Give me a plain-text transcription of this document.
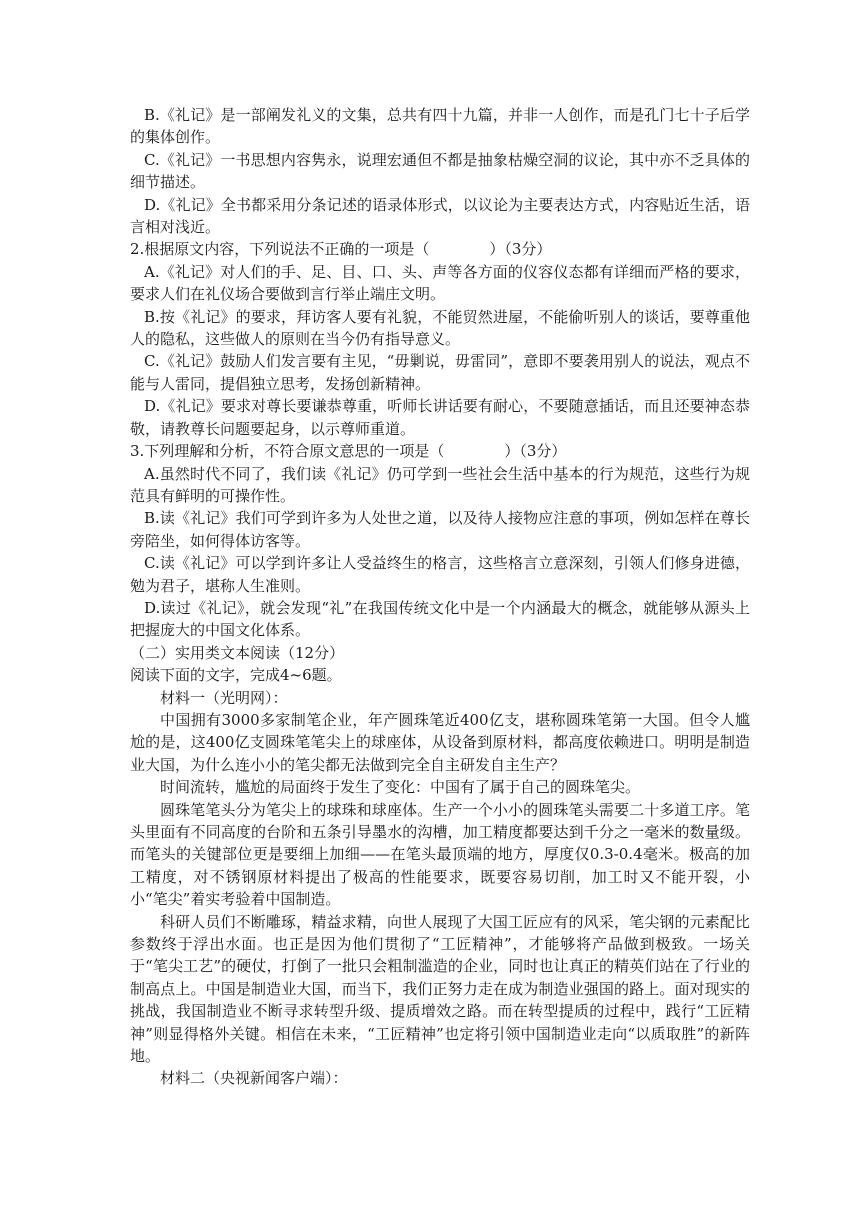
B.《礼记》是一部阐发礼义的文集，总共有四十九篇，并非一人创作，而是孔门七十子后学的集体创作。

C.《礼记》一书思想内容隽永，说理宏通但不都是抽象枯燥空洞的议论，其中亦不乏具体的细节描述。

D.《礼记》全书都采用分条记述的语录体形式，以议论为主要表达方式，内容贴近生活，语言相对浅近。

2.根据原文内容，下列说法不正确的一项是（　　　　）（3分）

A.《礼记》对人们的手、足、目、口、头、声等各方面的仪容仪态都有详细而严格的要求，要求人们在礼仪场合要做到言行举止端庄文明。

B.按《礼记》的要求，拜访客人要有礼貌，不能贸然进屋，不能偷听别人的谈话，要尊重他人的隐私，这些做人的原则在当今仍有指导意义。

C.《礼记》鼓励人们发言要有主见，“毋剿说，毋雷同”，意即不要袭用别人的说法，观点不能与人雷同，提倡独立思考，发扬创新精神。

D.《礼记》要求对尊长要谦恭尊重，听师长讲话要有耐心，不要随意插话，而且还要神态恭敬，请教尊长问题要起身，以示尊师重道。

3.下列理解和分析，不符合原文意思的一项是（　　　　）（3分）

A.虽然时代不同了，我们读《礼记》仍可学到一些社会生活中基本的行为规范，这些行为规范具有鲜明的可操作性。

B.读《礼记》我们可学到许多为人处世之道，以及待人接物应注意的事项，例如怎样在尊长旁陪坐，如何得体访客等。

C.读《礼记》可以学到许多让人受益终生的格言，这些格言立意深刻，引领人们修身进德，勉为君子，堪称人生准则。

D.读过《礼记》，就会发现“礼”在我国传统文化中是一个内涵最大的概念，就能够从源头上把握庞大的中国文化体系。

（二）实用类文本阅读（12分）

阅读下面的文字，完成4~6题。

材料一（光明网）：

中国拥有3000多家制笔企业，年产圆珠笔近400亿支，堪称圆珠笔第一大国。但令人尴尬的是，这400亿支圆珠笔笔尖上的球座体，从设备到原材料，都高度依赖进口。明明是制造业大国，为什么连小小的笔尖都无法做到完全自主研发自主生产？

时间流转，尴尬的局面终于发生了变化：中国有了属于自己的圆珠笔尖。

圆珠笔笔头分为笔尖上的球珠和球座体。生产一个小小的圆珠笔头需要二十多道工序。笔头里面有不同高度的台阶和五条引导墨水的沟槽，加工精度都要达到千分之一毫米的数量级。而笔头的关键部位更是要细上加细——在笔头最顶端的地方，厚度仅0.3-0.4毫米。极高的加工精度，对不锈钢原材料提出了极高的性能要求，既要容易切削，加工时又不能开裂，小小“笔尖”着实考验着中国制造。

科研人员们不断雕琢，精益求精，向世人展现了大国工匠应有的风采，笔尖钢的元素配比参数终于浮出水面。也正是因为他们贯彻了“工匠精神”，才能够将产品做到极致。一场关于“笔尖工艺”的硬仗，打倒了一批只会粗制滥造的企业，同时也让真正的精英们站在了行业的制高点上。中国是制造业大国，而当下，我们正努力走在成为制造业强国的路上。面对现实的挑战，我国制造业不断寻求转型升级、提质增效之路。而在转型提质的过程中，践行“工匠精神”则显得格外关键。相信在未来，“工匠精神”也定将引领中国制造业走向“以质取胜”的新阵地。

材料二（央视新闻客户端）：
